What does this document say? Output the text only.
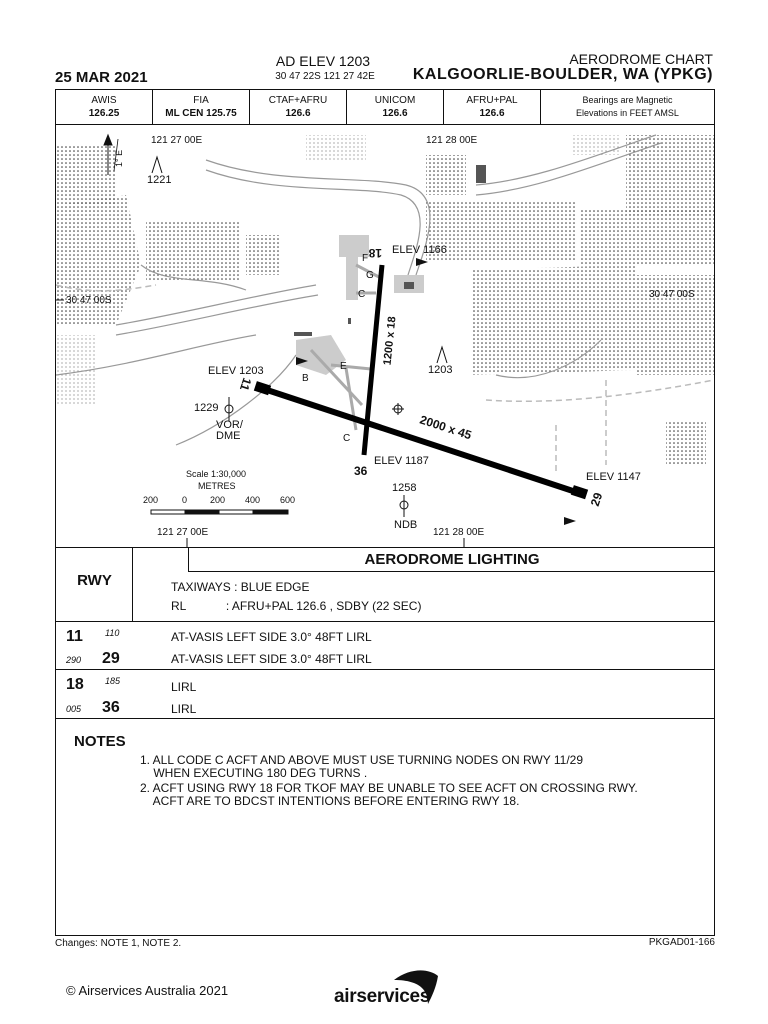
25 MAR 2021
AD ELEV 1203
30 47 22S 121 27 42E
AERODROME CHART
KALGOORLIE-BOULDER, WA (YPKG)
AWIS
126.25
FIA
ML CEN 125.75
CTAF+AFRU
126.6
UNICOM
126.6
AFRU+PAL
126.6
Bearings are Magnetic
Elevations in FEET AMSL
1200 x 18
2000 x 45
18
36
11
29
F
G
C
E
B
C
ELEV 1166
ELEV 1203
ELEV 1187
ELEV 1147
1221
1203
1229
1258
VOR/
DME
NDB
1° E
121 27 00E	121 28 00E
30 47 00S
30 47 00S
121 27 00E	121 28 00E
Scale 1:30,000
METRES
200	0	200 400 600
AERODROME LIGHTING
RWY	TAXIWAYS : BLUE EDGE
RL            : AFRU+PAL 126.6 , SDBY (22 SEC)
11 110	AT-VASIS LEFT SIDE 3.0° 48FT LIRL
290 29	AT-VASIS LEFT SIDE 3.0° 48FT LIRL
18 185	LIRL
005 36	LIRL
NOTES
1. ALL CODE C ACFT AND ABOVE MUST USE TURNING NODES ON RWY 11/29
WHEN EXECUTING 180 DEG TURNS .
2. ACFT USING RWY 18 FOR TKOF MAY BE UNABLE TO SEE ACFT ON CROSSING RWY.
ACFT ARE TO BDCST INTENTIONS BEFORE ENTERING RWY 18.
Changes: NOTE 1, NOTE 2.	PKGAD01-166
© Airservices Australia 2021	airservices
